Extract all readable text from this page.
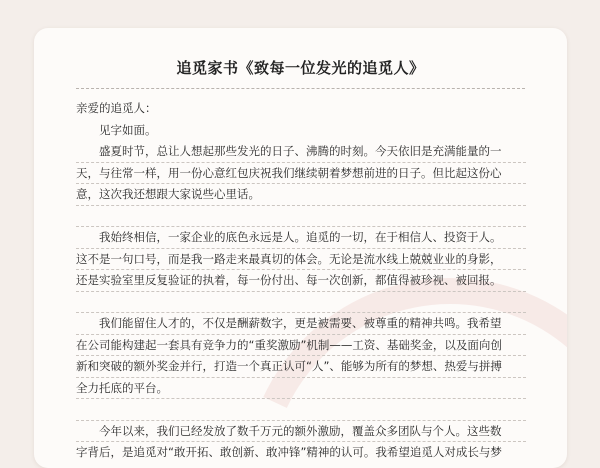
追觅家书《致每一位发光的追觅人》
亲爱的追觅人：
见字如面。
盛夏时节，总让人想起那些发光的日子、沸腾的时刻。今天依旧是充满能量的一
天，与往常一样，用一份心意红包庆祝我们继续朝着梦想前进的日子。但比起这份心
意，这次我还想跟大家说些心里话。
我始终相信，一家企业的底色永远是人。追觅的一切，在于相信人、投资于人。
这不是一句口号，而是我一路走来最真切的体会。无论是流水线上兢兢业业的身影，
还是实验室里反复验证的执着，每一份付出、每一次创新，都值得被珍视、被回报。
我们能留住人才的，不仅是酬薪数字，更是被需要、被尊重的精神共鸣。我希望
在公司能构建起一套具有竞争力的“重奖激励”机制——工资、基础奖金，以及面向创
新和突破的额外奖金并行，打造一个真正认可“人”、能够为所有的梦想、热爱与拼搏
全力托底的平台。
今年以来，我们已经发放了数千万元的额外激励，覆盖众多团队与个人。这些数
字背后，是追觅对“敢开拓、敢创新、敢冲锋”精神的认可。我希望追觅人对成长与梦
